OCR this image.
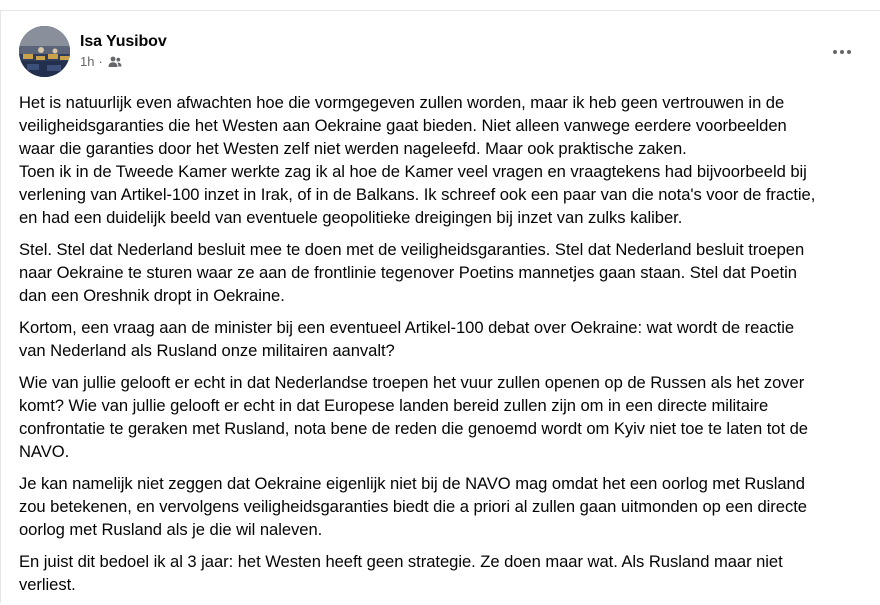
Isa Yusibov
1h ·

Het is natuurlijk even afwachten hoe die vormgegeven zullen worden, maar ik heb geen vertrouwen in de
veiligheidsgaranties die het Westen aan Oekraine gaat bieden. Niet alleen vanwege eerdere voorbeelden
waar die garanties door het Westen zelf niet werden nageleefd. Maar ook praktische zaken.
Toen ik in de Tweede Kamer werkte zag ik al hoe de Kamer veel vragen en vraagtekens had bijvoorbeeld bij
verlening van Artikel-100 inzet in Irak, of in de Balkans. Ik schreef ook een paar van die nota's voor de fractie,
en had een duidelijk beeld van eventuele geopolitieke dreigingen bij inzet van zulks kaliber.

Stel. Stel dat Nederland besluit mee te doen met de veiligheidsgaranties. Stel dat Nederland besluit troepen
naar Oekraine te sturen waar ze aan de frontlinie tegenover Poetins mannetjes gaan staan. Stel dat Poetin
dan een Oreshnik dropt in Oekraine.

Kortom, een vraag aan de minister bij een eventueel Artikel-100 debat over Oekraine: wat wordt de reactie
van Nederland als Rusland onze militairen aanvalt?

Wie van jullie gelooft er echt in dat Nederlandse troepen het vuur zullen openen op de Russen als het zover
komt? Wie van jullie gelooft er echt in dat Europese landen bereid zullen zijn om in een directe militaire
confrontatie te geraken met Rusland, nota bene de reden die genoemd wordt om Kyiv niet toe te laten tot de
NAVO.

Je kan namelijk niet zeggen dat Oekraine eigenlijk niet bij de NAVO mag omdat het een oorlog met Rusland
zou betekenen, en vervolgens veiligheidsgaranties biedt die a priori al zullen gaan uitmonden op een directe
oorlog met Rusland als je die wil naleven.

En juist dit bedoel ik al 3 jaar: het Westen heeft geen strategie. Ze doen maar wat. Als Rusland maar niet
verliest.
